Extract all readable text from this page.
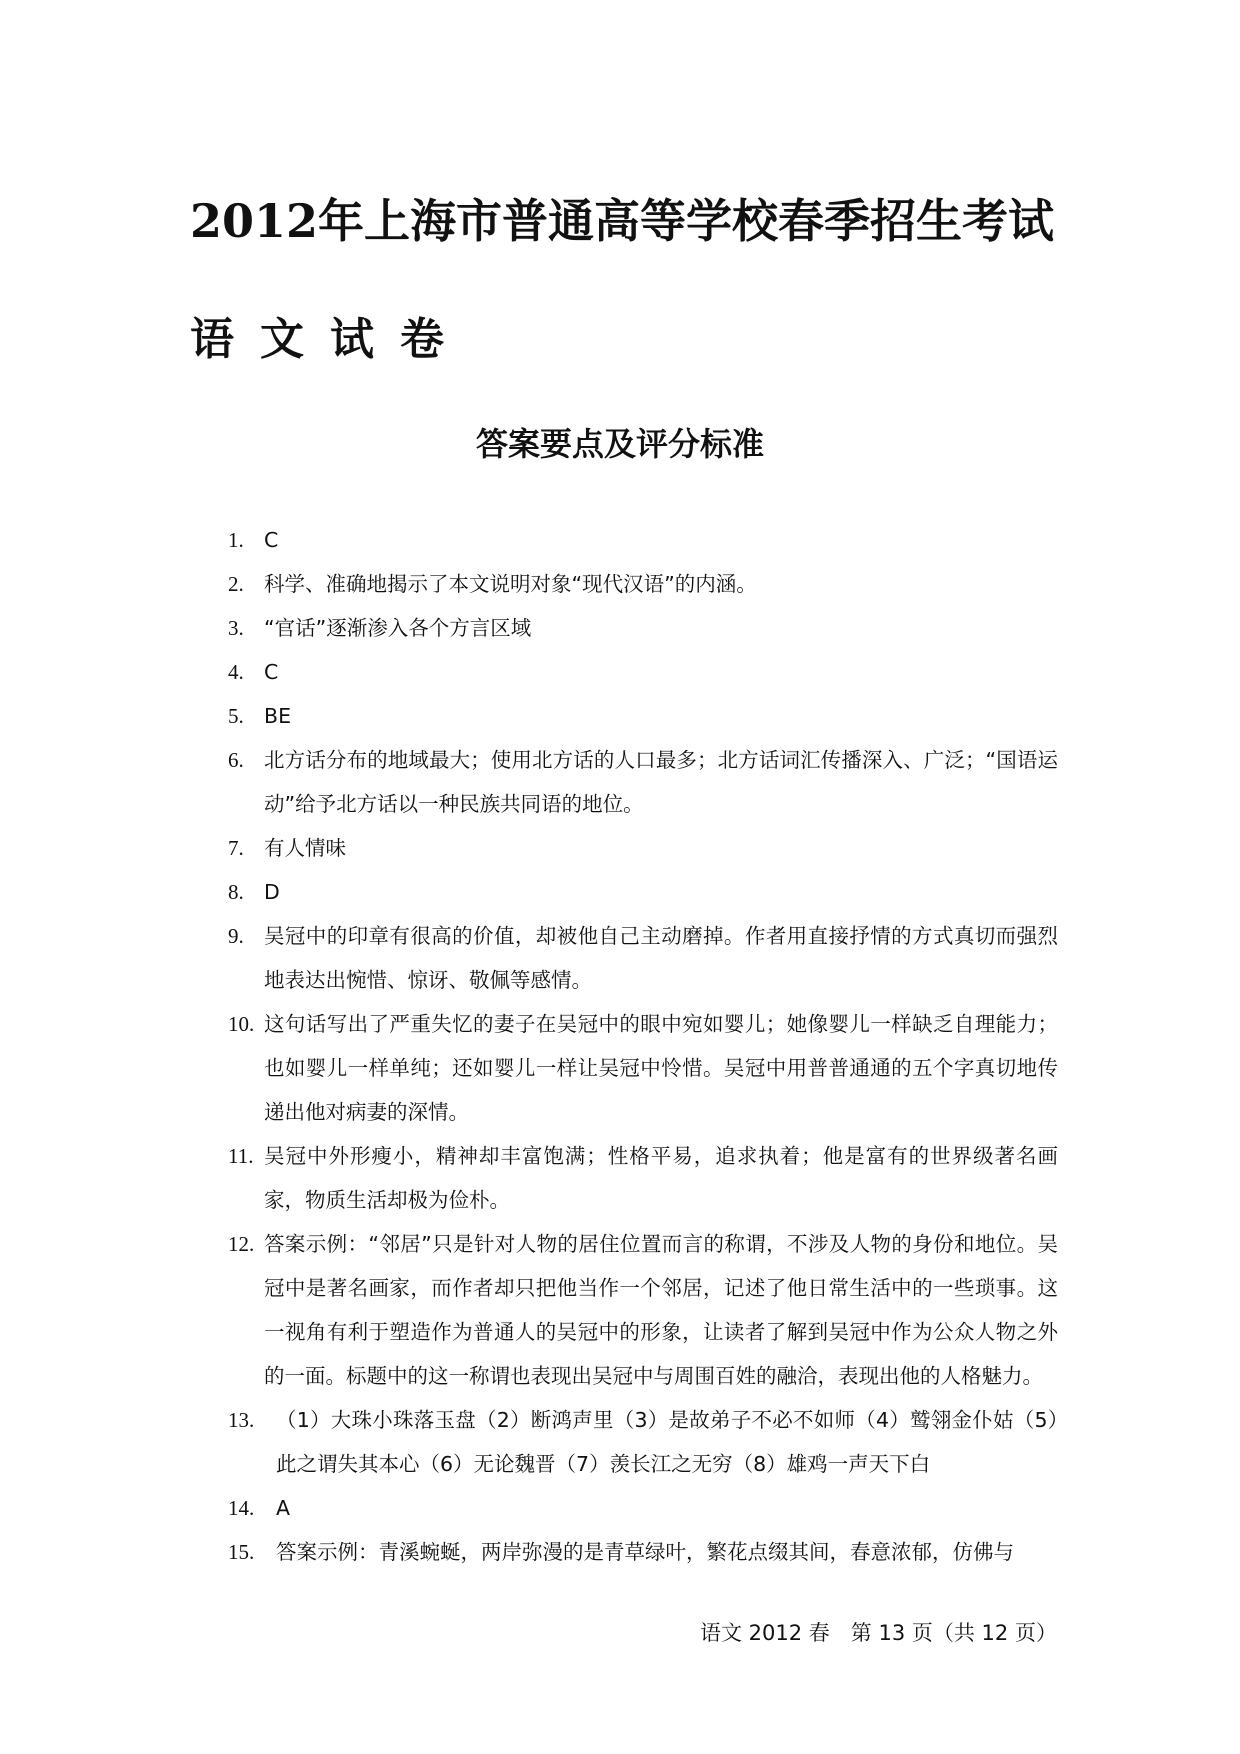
2012年上海市普通高等学校春季招生考试
语文试卷
答案要点及评分标准
1. C
2. 科学、准确地揭示了本文说明对象“现代汉语”的内涵。
3. “官话”逐渐渗入各个方言区域
4. C
5. BE
6. 北方话分布的地域最大；使用北方话的人口最多；北方话词汇传播深入、广泛；“国语运动”给予北方话以一种民族共同语的地位。
7. 有人情味
8. D
9. 吴冠中的印章有很高的价值，却被他自己主动磨掉。作者用直接抒情的方式真切而强烈地表达出惋惜、惊讶、敬佩等感情。
10. 这句话写出了严重失忆的妻子在吴冠中的眼中宛如婴儿；她像婴儿一样缺乏自理能力；也如婴儿一样单纯；还如婴儿一样让吴冠中怜惜。吴冠中用普普通通的五个字真切地传递出他对病妻的深情。
11. 吴冠中外形瘦小，精神却丰富饱满；性格平易，追求执着；他是富有的世界级著名画家，物质生活却极为俭朴。
12. 答案示例：“邻居”只是针对人物的居住位置而言的称谓，不涉及人物的身份和地位。吴冠中是著名画家，而作者却只把他当作一个邻居，记述了他日常生活中的一些琐事。这一视角有利于塑造作为普通人的吴冠中的形象，让读者了解到吴冠中作为公众人物之外的一面。标题中的这一称谓也表现出吴冠中与周围百姓的融洽，表现出他的人格魅力。
13. （1）大珠小珠落玉盘（2）断鸿声里（3）是故弟子不必不如师（4）鹫翎金仆姑（5）此之谓失其本心（6）无论魏晋（7）羡长江之无穷（8）雄鸡一声天下白
14. A
15. 答案示例：青溪蜿蜒，两岸弥漫的是青草绿叶，繁花点缀其间，春意浓郁，仿佛与
语文 2012 春　第 13 页（共 12 页）
